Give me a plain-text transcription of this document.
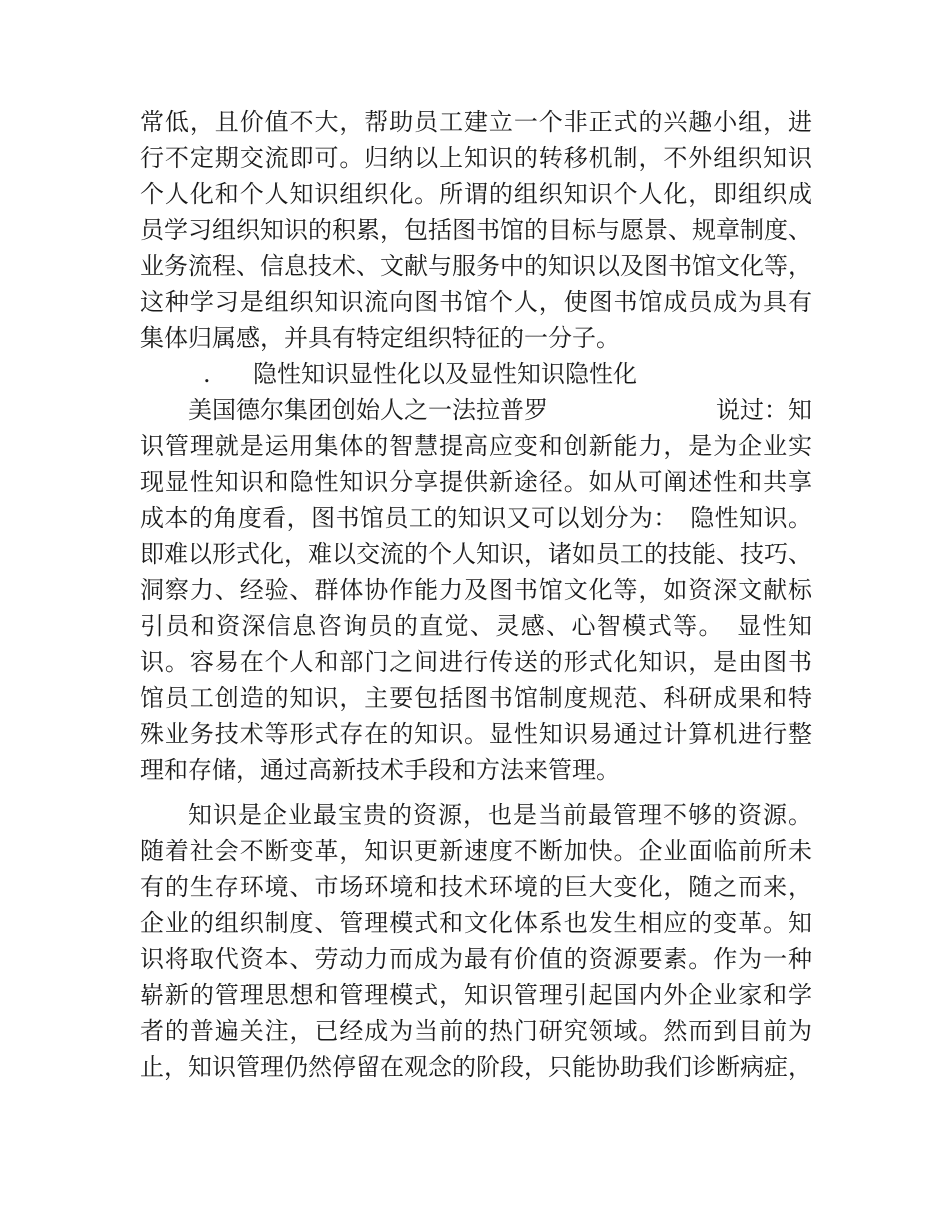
常低，且价值不大，帮助员工建立一个非正式的兴趣小组，进
行不定期交流即可。归纳以上知识的转移机制，不外组织知识
个人化和个人知识组织化。所谓的组织知识个人化，即组织成
员学习组织知识的积累，包括图书馆的目标与愿景、规章制度、
业务流程、信息技术、文献与服务中的知识以及图书馆文化等，
这种学习是组织知识流向图书馆个人，使图书馆成员成为具有
集体归属感，并具有特定组织特征的一分子。
. 隐性知识显性化以及显性知识隐性化
美国德尔集团创始人之一法拉普罗	说过：知
识管理就是运用集体的智慧提高应变和创新能力，是为企业实
现显性知识和隐性知识分享提供新途径。如从可阐述性和共享
成本的角度看，图书馆员工的知识又可以划分为：　隐性知识。
即难以形式化，难以交流的个人知识，诸如员工的技能、技巧、
洞察力、经验、群体协作能力及图书馆文化等，如资深文献标
引员和资深信息咨询员的直觉、灵感、心智模式等。　显性知
识。容易在个人和部门之间进行传送的形式化知识，是由图书
馆员工创造的知识，主要包括图书馆制度规范、科研成果和特
殊业务技术等形式存在的知识。显性知识易通过计算机进行整
理和存储，通过高新技术手段和方法来管理。
知识是企业最宝贵的资源，也是当前最管理不够的资源。
随着社会不断变革，知识更新速度不断加快。企业面临前所未
有的生存环境、市场环境和技术环境的巨大变化，随之而来，
企业的组织制度、管理模式和文化体系也发生相应的变革。知
识将取代资本、劳动力而成为最有价值的资源要素。作为一种
崭新的管理思想和管理模式，知识管理引起国内外企业家和学
者的普遍关注，已经成为当前的热门研究领域。然而到目前为
止，知识管理仍然停留在观念的阶段，只能协助我们诊断病症，
